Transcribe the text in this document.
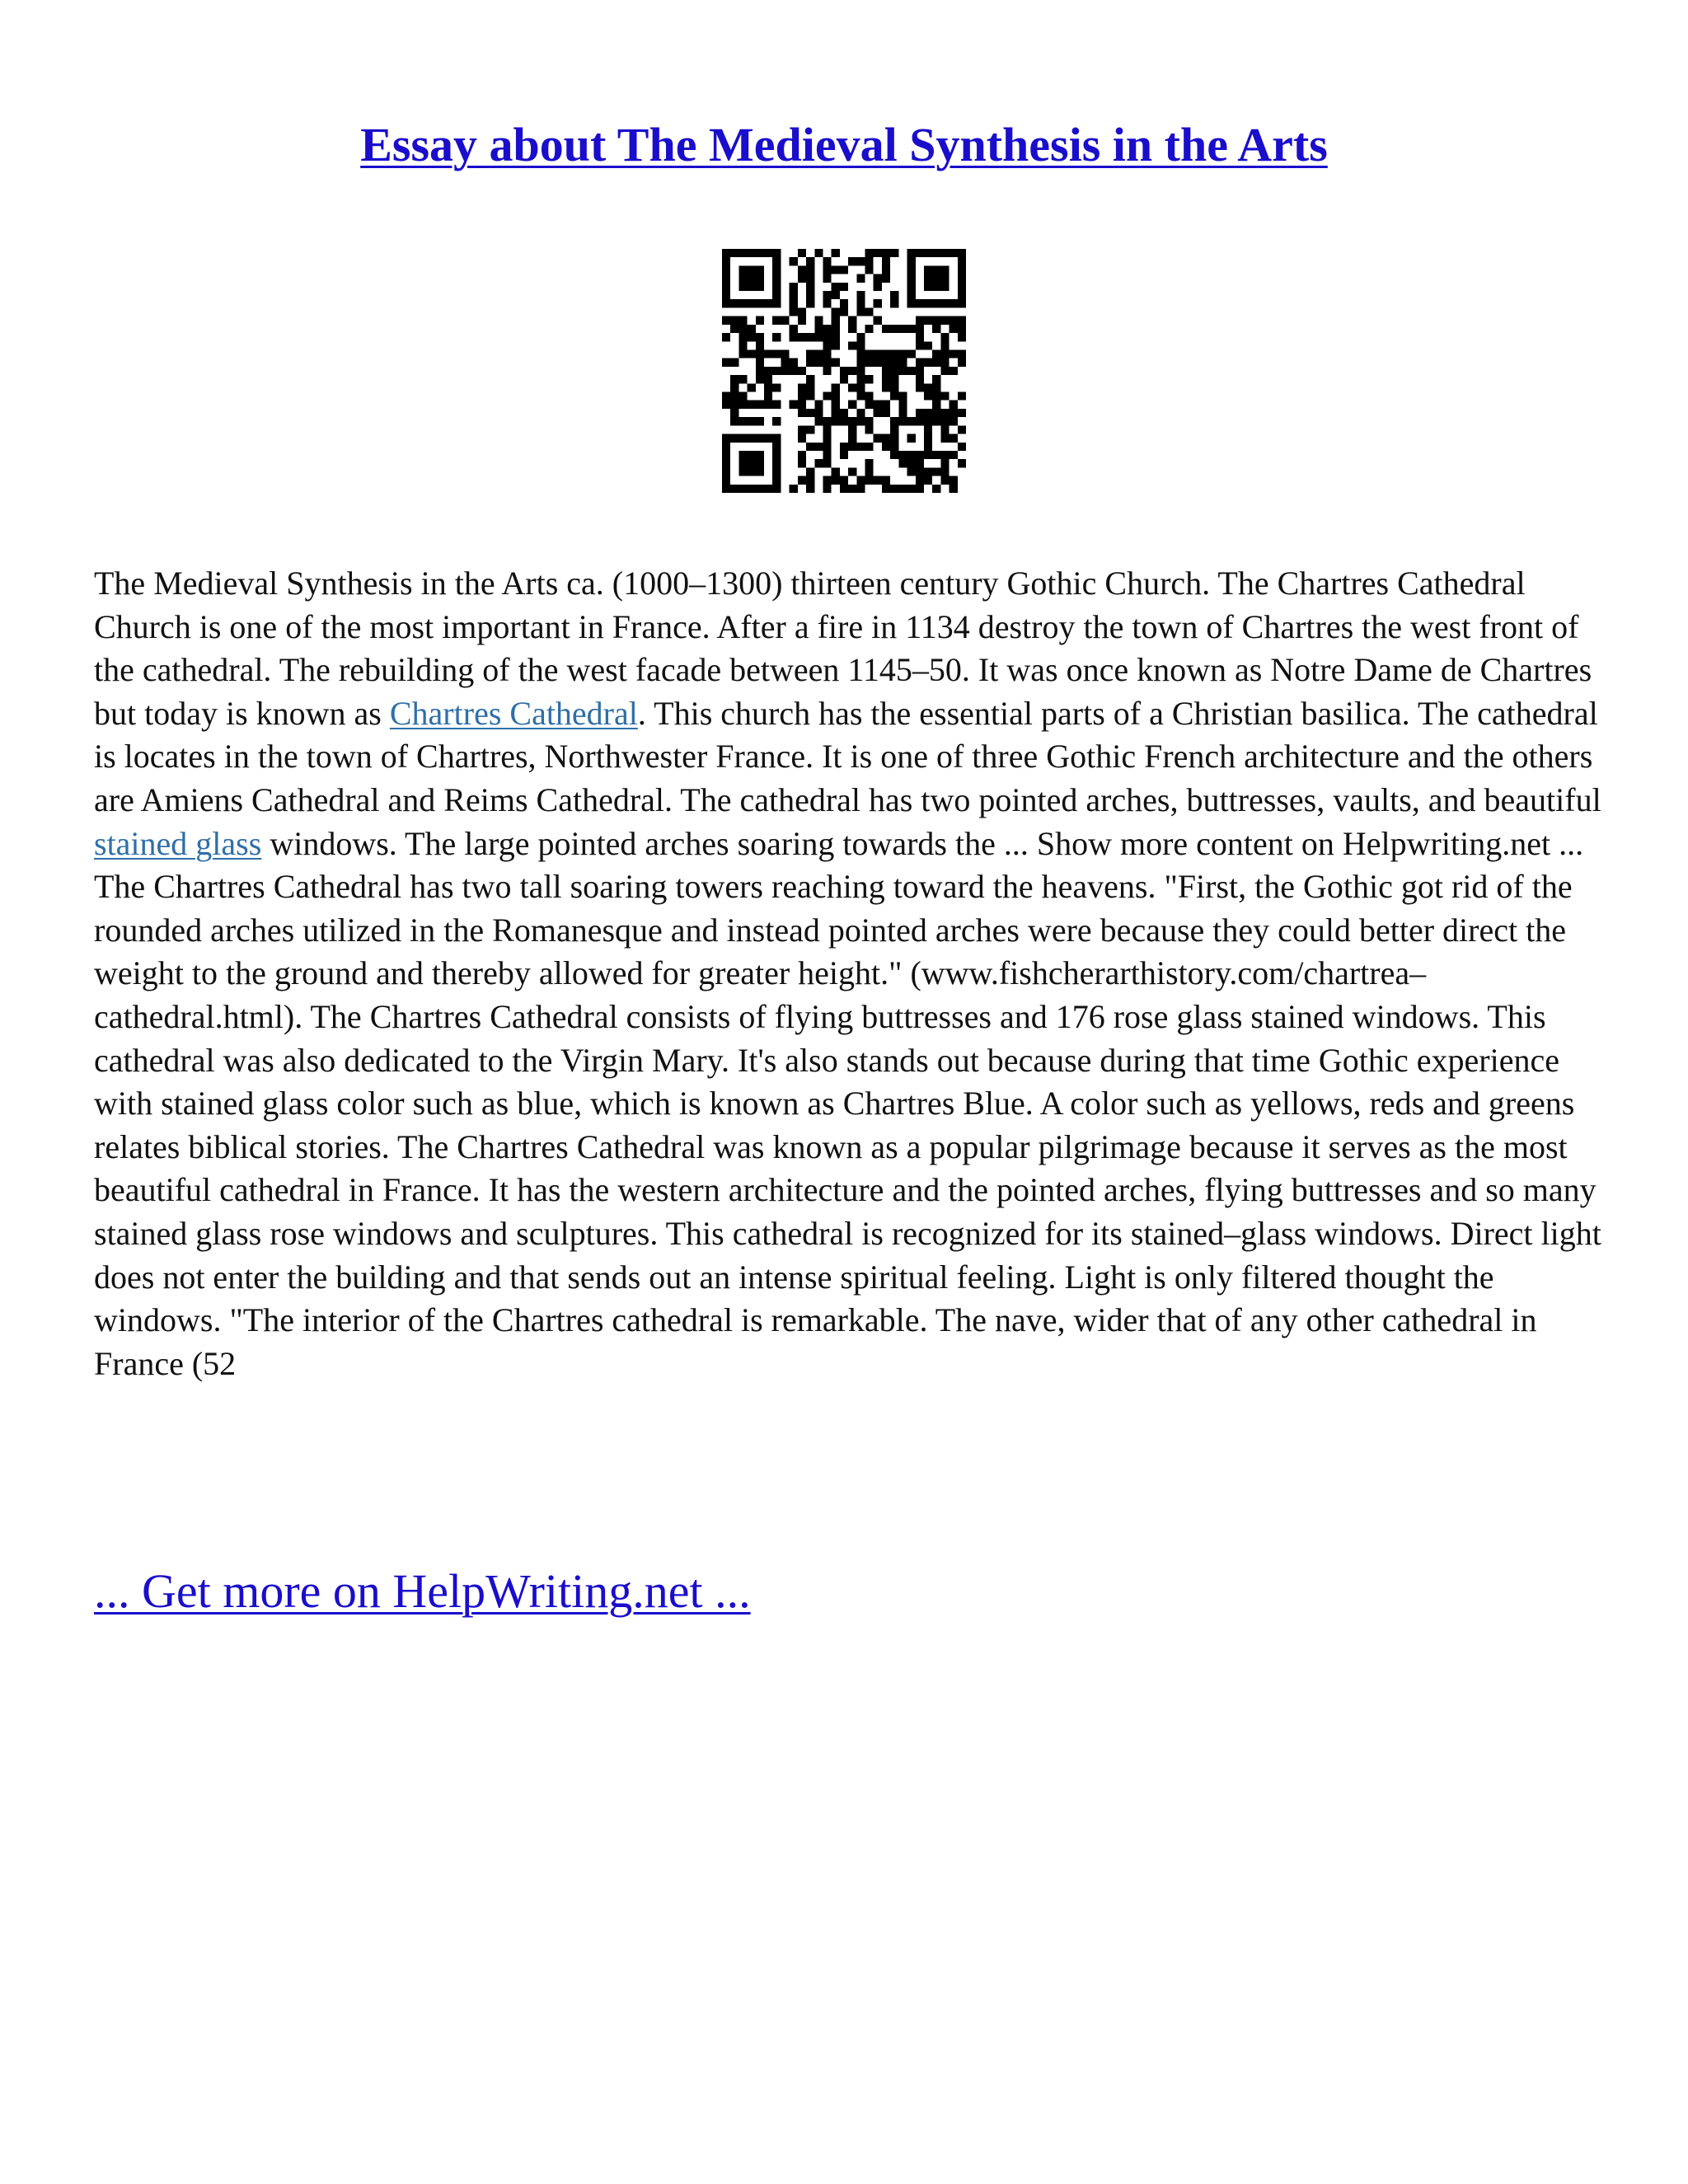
Essay about The Medieval Synthesis in the Arts

The Medieval Synthesis in the Arts ca. (1000–1300) thirteen century Gothic Church. The Chartres Cathedral Church is one of the most important in France. After a fire in 1134 destroy the town of Chartres the west front of the cathedral. The rebuilding of the west facade between 1145–50. It was once known as Notre Dame de Chartres but today is known as Chartres Cathedral. This church has the essential parts of a Christian basilica. The cathedral is locates in the town of Chartres, Northwester France. It is one of three Gothic French architecture and the others are Amiens Cathedral and Reims Cathedral. The cathedral has two pointed arches, buttresses, vaults, and beautiful stained glass windows. The large pointed arches soaring towards the ... Show more content on Helpwriting.net ...

The Chartres Cathedral has two tall soaring towers reaching toward the heavens. "First, the Gothic got rid of the rounded arches utilized in the Romanesque and instead pointed arches were because they could better direct the weight to the ground and thereby allowed for greater height." (www.fishcherarthistory.com/chartrea–cathedral.html). The Chartres Cathedral consists of flying buttresses and 176 rose glass stained windows. This cathedral was also dedicated to the Virgin Mary. It's also stands out because during that time Gothic experience with stained glass color such as blue, which is known as Chartres Blue. A color such as yellows, reds and greens relates biblical stories. The Chartres Cathedral was known as a popular pilgrimage because it serves as the most beautiful cathedral in France. It has the western architecture and the pointed arches, flying buttresses and so many stained glass rose windows and sculptures. This cathedral is recognized for its stained–glass windows. Direct light does not enter the building and that sends out an intense spiritual feeling. Light is only filtered thought the windows. "The interior of the Chartres cathedral is remarkable. The nave, wider that of any other cathedral in France (52

... Get more on HelpWriting.net ...
